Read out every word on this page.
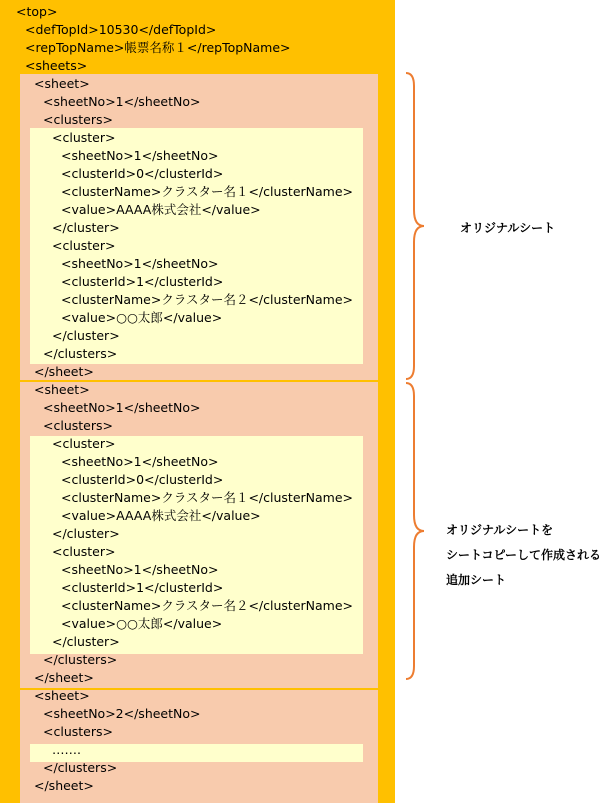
<top>
<defTopId>10530</defTopId>
<repTopName>帳票名称１</repTopName>
<sheets>
<sheet>
<sheetNo>1</sheetNo>
<clusters>
<cluster>
<sheetNo>1</sheetNo>
<clusterId>0</clusterId>
<clusterName>クラスター名１</clusterName>
<value>AAAA株式会社</value>
</cluster>
<cluster>
<sheetNo>1</sheetNo>
<clusterId>1</clusterId>
<clusterName>クラスター名２</clusterName>
<value>○○太郎</value>
</cluster>
</clusters>
</sheet>
<sheet>
<sheetNo>1</sheetNo>
<clusters>
<cluster>
<sheetNo>1</sheetNo>
<clusterId>0</clusterId>
<clusterName>クラスター名１</clusterName>
<value>AAAA株式会社</value>
</cluster>
<cluster>
<sheetNo>1</sheetNo>
<clusterId>1</clusterId>
<clusterName>クラスター名２</clusterName>
<value>○○太郎</value>
</cluster>
</clusters>
</sheet>
<sheet>
<sheetNo>2</sheetNo>
<clusters>
…….
</clusters>
</sheet>
オリジナルシート
オリジナルシートを
シートコピーして作成される
追加シート
